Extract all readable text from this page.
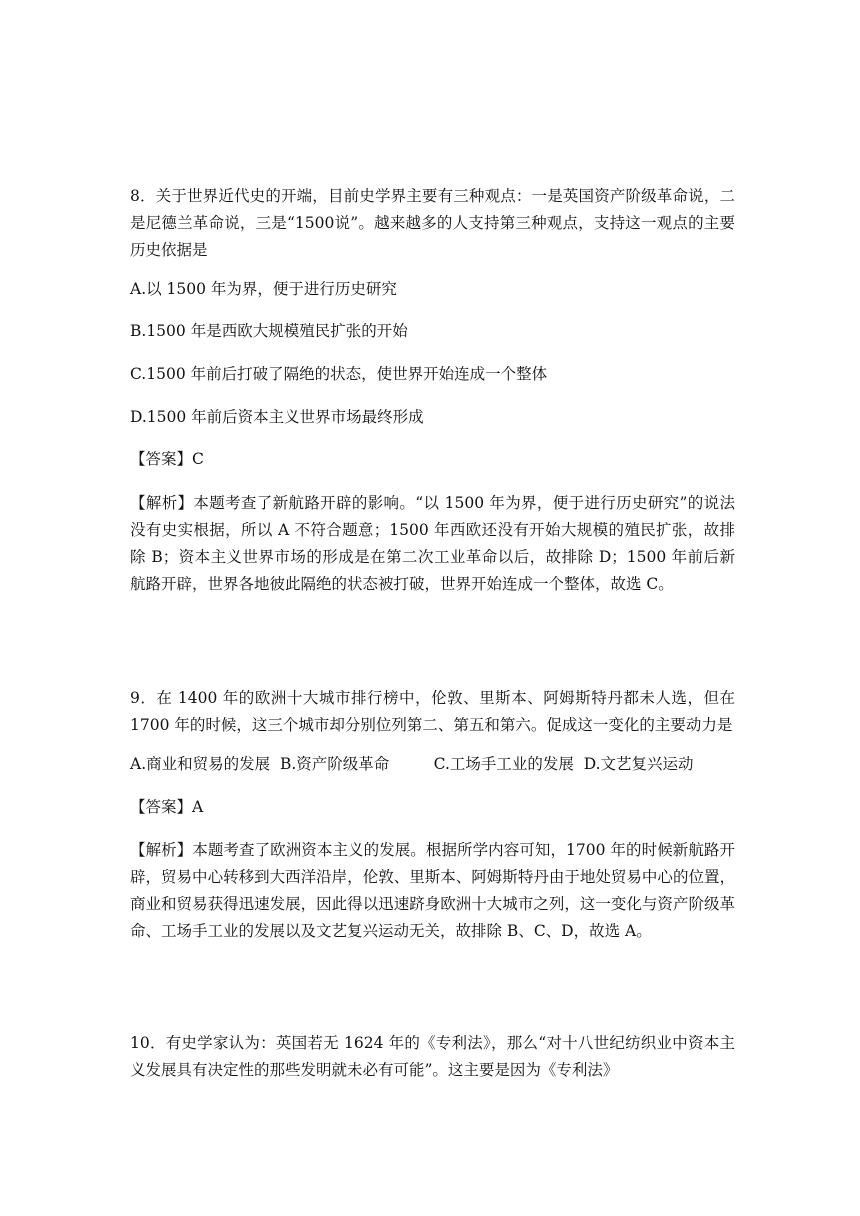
8．关于世界近代史的开端，目前史学界主要有三种观点：一是英国资产阶级革命说，二是尼德兰革命说，三是“1500说”。越来越多的人支持第三种观点，支持这一观点的主要历史依据是

A.以 1500 年为界，便于进行历史研究

B.1500 年是西欧大规模殖民扩张的开始

C.1500 年前后打破了隔绝的状态，使世界开始连成一个整体

D.1500 年前后资本主义世界市场最终形成

【答案】C

【解析】本题考查了新航路开辟的影响。“以 1500 年为界，便于进行历史研究”的说法没有史实根据，所以 A 不符合题意；1500 年西欧还没有开始大规模的殖民扩张，故排除 B；资本主义世界市场的形成是在第二次工业革命以后，故排除 D；1500 年前后新航路开辟，世界各地彼此隔绝的状态被打破，世界开始连成一个整体，故选 C。

9．在 1400 年的欧洲十大城市排行榜中，伦敦、里斯本、阿姆斯特丹都未人选，但在 1700 年的时候，这三个城市却分别位列第二、第五和第六。促成这一变化的主要动力是

A.商业和贸易的发展  B.资产阶级革命         C.工场手工业的发展  D.文艺复兴运动

【答案】A

【解析】本题考查了欧洲资本主义的发展。根据所学内容可知，1700 年的时候新航路开辟，贸易中心转移到大西洋沿岸，伦敦、里斯本、阿姆斯特丹由于地处贸易中心的位置，商业和贸易获得迅速发展，因此得以迅速跻身欧洲十大城市之列，这一变化与资产阶级革命、工场手工业的发展以及文艺复兴运动无关，故排除 B、C、D，故选 A。

10．有史学家认为：英国若无 1624 年的《专利法》，那么“对十八世纪纺织业中资本主义发展具有决定性的那些发明就未必有可能”。这主要是因为《专利法》
